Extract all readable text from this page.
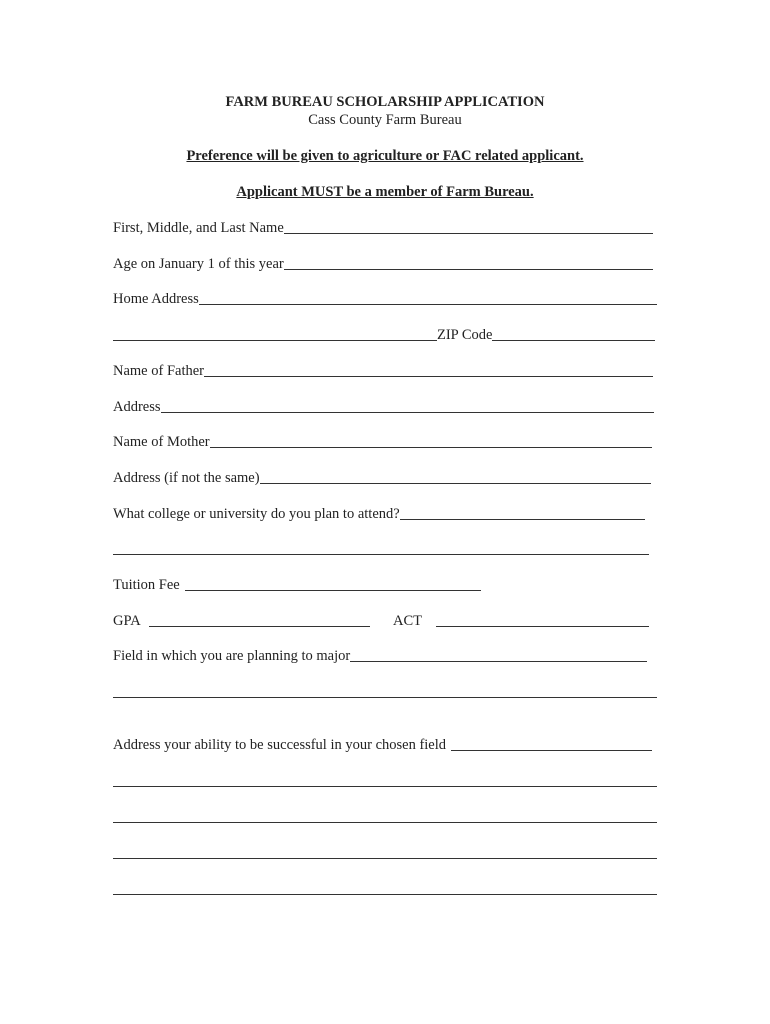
FARM BUREAU SCHOLARSHIP APPLICATION
Cass County Farm Bureau
Preference will be given to agriculture or FAC related applicant.
Applicant MUST be a member of Farm Bureau.
First, Middle, and Last Name
Age on January 1 of this year
Home Address
ZIP Code
Name of Father
Address
Name of Mother
Address (if not the same)
What college or university do you plan to attend?
Tuition Fee
GPA	ACT
Field in which you are planning to major
Address your ability to be successful in your chosen field
